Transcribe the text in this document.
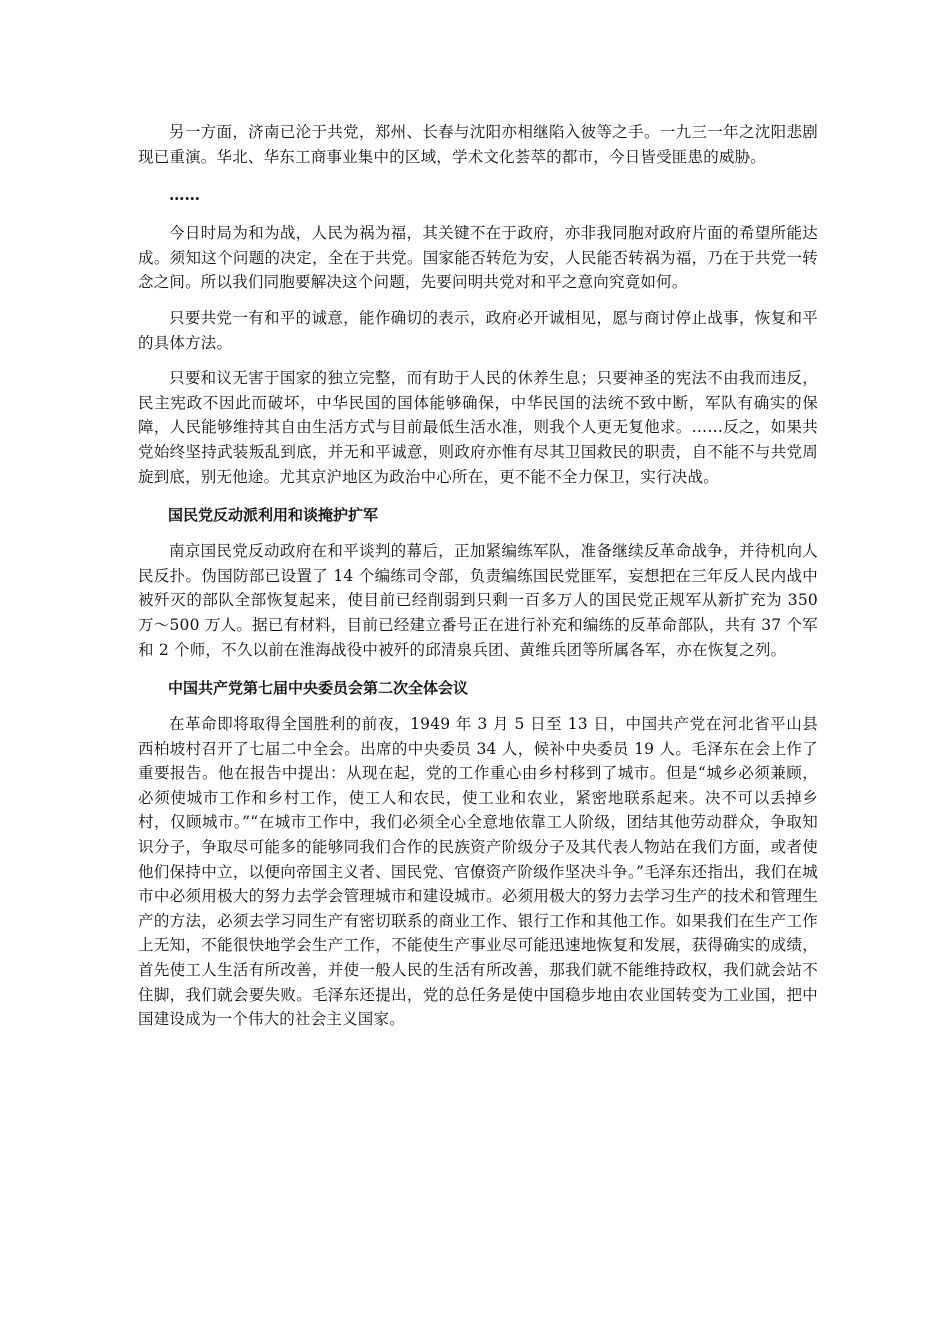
另一方面，济南已沦于共党，郑州、长春与沈阳亦相继陷入彼等之手。一九三一年之沈阳悲剧现已重演。华北、华东工商事业集中的区域，学术文化荟萃的都市，今日皆受匪患的威胁。

……

今日时局为和为战，人民为祸为福，其关键不在于政府，亦非我同胞对政府片面的希望所能达成。须知这个问题的决定，全在于共党。国家能否转危为安，人民能否转祸为福，乃在于共党一转念之间。所以我们同胞要解决这个问题，先要问明共党对和平之意向究竟如何。

只要共党一有和平的诚意，能作确切的表示，政府必开诚相见，愿与商讨停止战事，恢复和平的具体方法。

只要和议无害于国家的独立完整，而有助于人民的休养生息；只要神圣的宪法不由我而违反，民主宪政不因此而破坏，中华民国的国体能够确保，中华民国的法统不致中断，军队有确实的保障，人民能够维持其自由生活方式与目前最低生活水准，则我个人更无复他求。……反之，如果共党始终坚持武装叛乱到底，并无和平诚意，则政府亦惟有尽其卫国救民的职责，自不能不与共党周旋到底，别无他途。尤其京沪地区为政治中心所在，更不能不全力保卫，实行决战。

国民党反动派利用和谈掩护扩军

南京国民党反动政府在和平谈判的幕后，正加紧编练军队，准备继续反革命战争，并待机向人民反扑。伪国防部已设置了 14 个编练司令部，负责编练国民党匪军，妄想把在三年反人民内战中被歼灭的部队全部恢复起来，使目前已经削弱到只剩一百多万人的国民党正规军从新扩充为 350 万～500 万人。据已有材料，目前已经建立番号正在进行补充和编练的反革命部队，共有 37 个军和 2 个师，不久以前在淮海战役中被歼的邱清泉兵团、黄维兵团等所属各军，亦在恢复之列。

中国共产党第七届中央委员会第二次全体会议

在革命即将取得全国胜利的前夜，1949 年 3 月 5 日至 13 日，中国共产党在河北省平山县西柏坡村召开了七届二中全会。出席的中央委员 34 人，候补中央委员 19 人。毛泽东在会上作了重要报告。他在报告中提出：从现在起，党的工作重心由乡村移到了城市。但是“城乡必须兼顾，必须使城市工作和乡村工作，使工人和农民，使工业和农业，紧密地联系起来。决不可以丢掉乡村，仅顾城市。”“在城市工作中，我们必须全心全意地依靠工人阶级，团结其他劳动群众，争取知识分子，争取尽可能多的能够同我们合作的民族资产阶级分子及其代表人物站在我们方面，或者使他们保持中立，以便向帝国主义者、国民党、官僚资产阶级作坚决斗争。”毛泽东还指出，我们在城市中必须用极大的努力去学会管理城市和建设城市。必须用极大的努力去学习生产的技术和管理生产的方法，必须去学习同生产有密切联系的商业工作、银行工作和其他工作。如果我们在生产工作上无知，不能很快地学会生产工作，不能使生产事业尽可能迅速地恢复和发展，获得确实的成绩，首先使工人生活有所改善，并使一般人民的生活有所改善，那我们就不能维持政权，我们就会站不住脚，我们就会要失败。毛泽东还提出，党的总任务是使中国稳步地由农业国转变为工业国，把中国建设成为一个伟大的社会主义国家。
